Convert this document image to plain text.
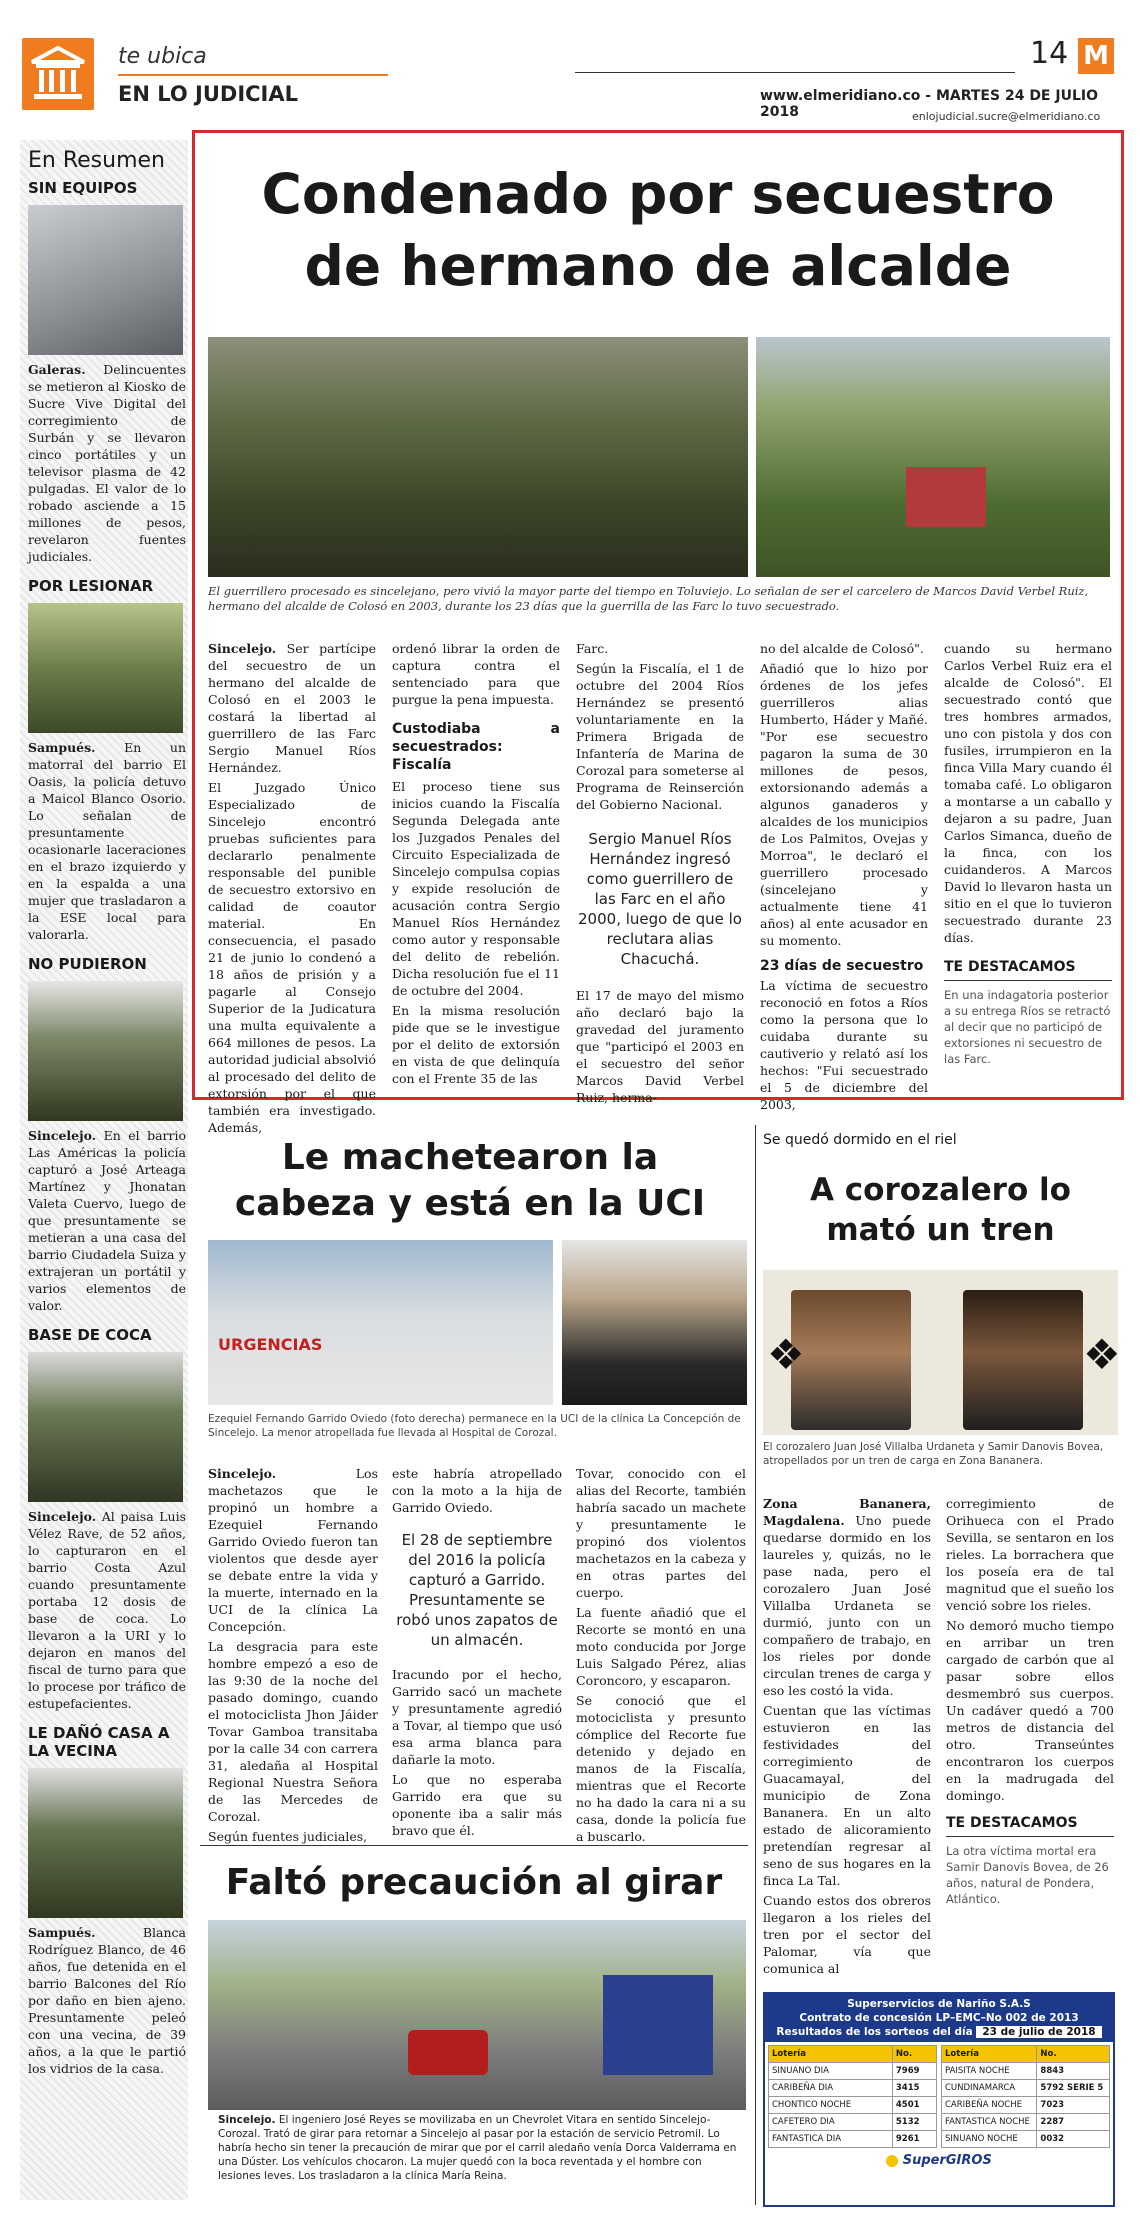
te ubica
EN LO JUDICIAL
14 M
www.elmeridiano.co - MARTES 24 DE JULIO 2018	enlojudicial.sucre@elmeridiano.co
En Resumen
SIN EQUIPOS
Galeras. Delincuentes se metieron al Kiosko de Sucre Vive Digital del corregimiento de Surbán y se llevaron cinco portátiles y un televisor plasma de 42 pulgadas. El valor de lo robado asciende a 15 millones de pesos, revelaron fuentes judiciales.
POR LESIONAR
Sampués. En un matorral del barrio El Oasis, la policía detuvo a Maicol Blanco Osorio. Lo señalan de presuntamente ocasionarle laceraciones en el brazo izquierdo y en la espalda a una mujer que trasladaron a la ESE local para valorarla.
NO PUDIERON
Sincelejo. En el barrio Las Américas la policía capturó a José Arteaga Martínez y Jhonatan Valeta Cuervo, luego de que presuntamente se metieran a una casa del barrio Ciudadela Suiza y extrajeran un portátil y varios elementos de valor.
BASE DE COCA
Sincelejo. Al paisa Luis Vélez Rave, de 52 años, lo capturaron en el barrio Costa Azul cuando presuntamente portaba 12 dosis de base de coca. Lo llevaron a la URI y lo dejaron en manos del fiscal de turno para que lo procese por tráfico de estupefacientes.
LE DAÑÓ CASA A LA VECINA
Sampués. Blanca Rodríguez Blanco, de 46 años, fue detenida en el barrio Balcones del Río por daño en bien ajeno. Presuntamente peleó con una vecina, de 39 años, a la que le partió los vidrios de la casa.
Condenado por secuestro
de hermano de alcalde
El guerrillero procesado es sincelejano, pero vivió la mayor parte del tiempo en Toluviejo. Lo señalan de ser el carcelero de Marcos David Verbel Ruiz, hermano del alcalde de Colosó en 2003, durante los 23 días que la guerrilla de las Farc lo tuvo secuestrado.

Sincelejo. Ser partícipe del secuestro de un hermano del alcalde de Colosó en el 2003 le costará la libertad al guerrillero de las Farc Sergio Manuel Ríos Hernández.

El Juzgado Único Especializado de Sincelejo encontró pruebas suficientes para declararlo penalmente responsable del punible de secuestro extorsivo en calidad de coautor material. En consecuencia, el pasado 21 de junio lo condenó a 18 años de prisión y a pagarle al Consejo Superior de la Judicatura una multa equivalente a 664 millones de pesos. La autoridad judicial absolvió al procesado del delito de extorsión por el que también era investigado. Además,

ordenó librar la orden de captura contra el sentenciado para que purgue la pena impuesta.

Custodiaba a secuestrados: Fiscalía

El proceso tiene sus inicios cuando la Fiscalía Segunda Delegada ante los Juzgados Penales del Circuito Especializada de Sincelejo compulsa copias y expide resolución de acusación contra Sergio Manuel Ríos Hernández como autor y responsable del delito de rebelión. Dicha resolución fue el 11 de octubre del 2004.

En la misma resolución pide que se le investigue por el delito de extorsión en vista de que delinquía con el Frente 35 de las

Farc.

Según la Fiscalía, el 1 de octubre del 2004 Ríos Hernández se presentó voluntariamente en la Primera Brigada de Infantería de Marina de Corozal para someterse al Programa de Reinserción del Gobierno Nacional.

Sergio Manuel Ríos Hernández ingresó como guerrillero de las Farc en el año 2000, luego de que lo reclutara alias Chacuchá.

El 17 de mayo del mismo año declaró bajo la gravedad del juramento que "participó el 2003 en el secuestro del señor Marcos David Verbel Ruiz, herma-

no del alcalde de Colosó".

Añadió que lo hizo por órdenes de los jefes guerrilleros alias Humberto, Háder y Mañé. "Por ese secuestro pagaron la suma de 30 millones de pesos, extorsionando además a algunos ganaderos y alcaldes de los municipios de Los Palmitos, Ovejas y Morroa", le declaró el guerrillero procesado (sincelejano y actualmente tiene 41 años) al ente acusador en su momento.

23 días de secuestro

La víctima de secuestro reconoció en fotos a Ríos como la persona que lo cuidaba durante su cautiverio y relató así los hechos: "Fui secuestrado el 5 de diciembre del 2003,

cuando su hermano Carlos Verbel Ruiz era el alcalde de Colosó". El secuestrado contó que tres hombres armados, uno con pistola y dos con fusiles, irrumpieron en la finca Villa Mary cuando él tomaba café. Lo obligaron a montarse a un caballo y dejaron a su padre, Juan Carlos Simanca, dueño de la finca, con los cuidanderos. A Marcos David lo llevaron hasta un sitio en el que lo tuvieron secuestrado durante 23 días.

TE DESTACAMOS

En una indagatoria posterior a su entrega Ríos se retractó al decir que no participó de extorsiones ni secuestro de las Farc.

Le machetearon la
cabeza y está en la UCI
URGENCIAS
Ezequiel Fernando Garrido Oviedo (foto derecha) permanece en la UCI de la clínica La Concepción de Sincelejo. La menor atropellada fue llevada al Hospital de Corozal.

Sincelejo. Los machetazos que le propinó un hombre a Ezequiel Fernando Garrido Oviedo fueron tan violentos que desde ayer se debate entre la vida y la muerte, internado en la UCI de la clínica La Concepción.

La desgracia para este hombre empezó a eso de las 9:30 de la noche del pasado domingo, cuando el motociclista Jhon Jáider Tovar Gamboa transitaba por la calle 34 con carrera 31, aledaña al Hospital Regional Nuestra Señora de las Mercedes de Corozal.

Según fuentes judiciales,

este habría atropellado con la moto a la hija de Garrido Oviedo.

El 28 de septiembre del 2016 la policía capturó a Garrido. Presuntamente se robó unos zapatos de un almacén.

Iracundo por el hecho, Garrido sacó un machete y presuntamente agredió a Tovar, al tiempo que usó esa arma blanca para dañarle la moto.

Lo que no esperaba Garrido era que su oponente iba a salir más bravo que él.

Tovar, conocido con el alias del Recorte, también habría sacado un machete y presuntamente le propinó dos violentos machetazos en la cabeza y en otras partes del cuerpo.

La fuente añadió que el Recorte se montó en una moto conducida por Jorge Luis Salgado Pérez, alias Coroncoro, y escaparon.

Se conoció que el motociclista y presunto cómplice del Recorte fue detenido y dejado en manos de la Fiscalía, mientras que el Recorte no ha dado la cara ni a su casa, donde la policía fue a buscarlo.

Faltó precaución al girar
Sincelejo. El ingeniero José Reyes se movilizaba en un Chevrolet Vitara en sentido Sincelejo-Corozal. Trató de girar para retornar a Sincelejo al pasar por la estación de servicio Petromil. Lo habría hecho sin tener la precaución de mirar que por el carril aledaño venía Dorca Valderrama en una Dúster. Los vehículos chocaron. La mujer quedó con la boca reventada y el hombre con lesiones leves. Los trasladaron a la clínica María Reina.
Se quedó dormido en el riel
A corozalero lo
mató un tren
❖	❖
El corozalero Juan José Villalba Urdaneta y Samir Danovis Bovea, atropellados por un tren de carga en Zona Bananera.

Zona Bananera, Magdalena. Uno puede quedarse dormido en los laureles y, quizás, no le pase nada, pero el corozalero Juan José Villalba Urdaneta se durmió, junto con un compañero de trabajo, en los rieles por donde circulan trenes de carga y eso les costó la vida.

Cuentan que las víctimas estuvieron en las festividades del corregimiento de Guacamayal, del municipio de Zona Bananera. En un alto estado de alicoramiento pretendían regresar al seno de sus hogares en la finca La Tal.

Cuando estos dos obreros llegaron a los rieles del tren por el sector del Palomar, vía que comunica al

corregimiento de Orihueca con el Prado Sevilla, se sentaron en los rieles. La borrachera que los poseía era de tal magnitud que el sueño los venció sobre los rieles.

No demoró mucho tiempo en arribar un tren cargado de carbón que al pasar sobre ellos desmembró sus cuerpos. Un cadáver quedó a 700 metros de distancia del otro. Transeúntes encontraron los cuerpos en la madrugada del domingo.

TE DESTACAMOS

La otra víctima mortal era Samir Danovis Bovea, de 26 años, natural de Pondera, Atlántico.

Superservicios de Nariño S.A.S
Contrato de concesión LP–EMC–No 002 de 2013
Resultados de los sorteos del día 23 de julio de 2018
Lotería	No.
SINUANO DIA	7969
CARIBEÑA DIA	3415
CHONTICO NOCHE	4501
CAFETERO DIA	5132
FANTASTICA DIA	9261
Lotería	No.
PAISITA NOCHE	8843
CUNDINAMARCA	5792 SERIE 5
CARIBEÑA NOCHE	7023
FANTASTICA NOCHE	2287
SINUANO NOCHE	0032
SuperGIROS
